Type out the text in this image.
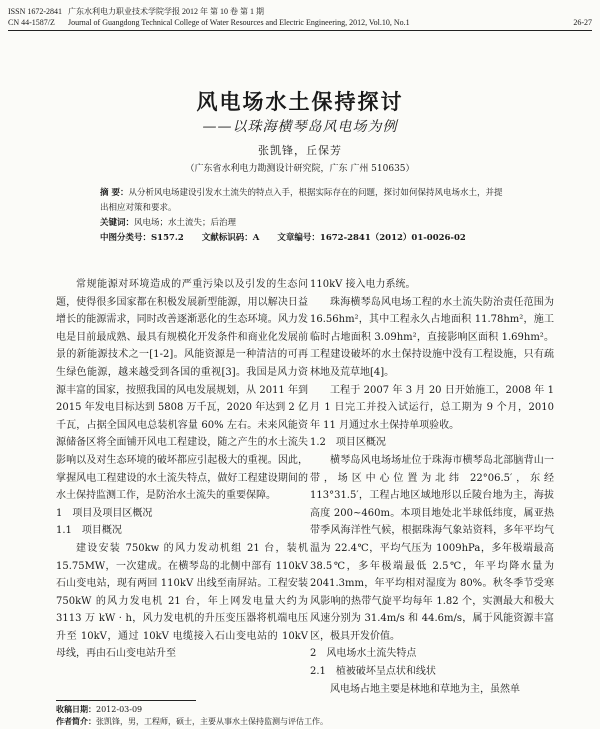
ISSN 1672-2841 广东水利电力职业技术学院学报 2012 年 第 10 卷 第 1 期
CN 44-1587/Z Journal of Guangdong Technical College of Water Resources and Electric Engineering, 2012, Vol.10, No.1	26-27
风电场水土保持探讨
——以珠海横琴岛风电场为例
张凯锋，丘保芳
（广东省水利电力勘测设计研究院，广东 广州 510635）

摘 要：从分析风电场建设引发水土流失的特点入手，根据实际存在的问题，探讨如何保持风电场水土，并提出相应对策和要求。

关键词：风电场；水土流失；后治理

中图分类号：S157.2 文献标识码：A 文章编号：1672-2841（2012）01-0026-02

常规能源对环境造成的严重污染以及引发的生态问题，使得很多国家都在积极发展新型能源，用以解决日益增长的能源需求，同时改善逐渐恶化的生态环境。风力发电是目前最成熟、最具有规模化开发条件和商业化发展前景的新能源技术之一[1-2]。风能资源是一种清洁的可再生绿色能源，越来越受到各国的重视[3]。我国是风力资源丰富的国家，按照我国的风电发展规划，从 2011 年到 2015 年发电目标达到 5808 万千瓦，2020 年达到 2 亿千瓦，占据全国风电总装机容量 60% 左右。未来风能资源储备区将全面铺开风电工程建设，随之产生的水土流失影响以及对生态环境的破坏都应引起极大的重视。因此，掌握风电工程建设的水土流失特点，做好工程建设期间的水土保持监测工作，是防治水土流失的重要保障。

1　项目及项目区概况

1.1　项目概况

建设安装 750kw 的风力发动机组 21 台，装机 15.75MW，一次建成。在横琴岛的北侧中部有 110kV 石山变电站，现有两回 110kV 出线至南屏站。工程安装 750kW 的风力发电机 21 台，年上网发电量大约为 3113 万 kW · h，风力发电机的升压变压器将机端电压升至 10kV，通过 10kV 电缆接入石山变电站的 10kV 母线，再由石山变电站升至

110kV 接入电力系统。

珠海横琴岛风电场工程的水土流失防治责任范围为 16.56hm²，其中工程永久占地面积 11.78hm²，施工临时占地面积 3.09hm²，直接影响区面积 1.69hm²。工程建设破坏的水土保持设施中没有工程设施，只有疏林地及荒草地[4]。

工程于 2007 年 3 月 20 日开始施工，2008 年 1 月 1 日完工并投入试运行，总工期为 9 个月，2010 年 11 月通过水土保持单项验收。

1.2　项目区概况

横琴岛风电场场址位于珠海市横琴岛北部脑背山一带，场区中心位置为北纬 22°06.5′，东经 113°31.5′，工程占地区域地形以丘陵台地为主，海拔高度 200~460m。本项目地处北半球低纬度，属亚热带季风海洋性气候，根据珠海气象站资料，多年平均气温为 22.4℃，平均气压为 1009hPa，多年极端最高 38.5℃，多年极端最低 2.5℃，年平均降水量为 2041.3mm，年平均相对湿度为 80%。秋冬季节受寒风影响的热带气旋平均每年 1.82 个，实测最大和极大风速分别为 31.4m/s 和 44.6m/s，属于风能资源丰富区，极具开发价值。

2　风电场水土流失特点

2.1　植被破坏呈点状和线状

风电场占地主要是林地和草地为主，虽然单

收稿日期：2012-03-09
作者简介：张凯锋，男，工程师，硕士，主要从事水土保持监测与评估工作。
